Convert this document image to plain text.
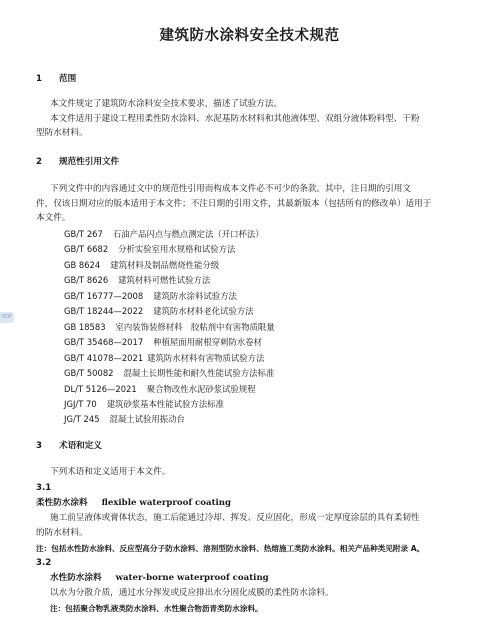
建筑防水涂料安全技术规范
1 范围
本文件规定了建筑防水涂料安全技术要求，描述了试验方法。
本文件适用于建设工程用柔性防水涂料、水泥基防水材料和其他液体型、双组分液体粉料型、干粉
型防水材料。
2 规范性引用文件
下列文件中的内容通过文中的规范性引用而构成本文件必不可少的条款。其中，注日期的引用文
件，仅该日期对应的版本适用于本文件；不注日期的引用文件，其最新版本（包括所有的修改单）适用于
本文件。
GB/T 267 石油产品闪点与燃点测定法（开口杯法）
GB/T 6682 分析实验室用水规格和试验方法
GB 8624 建筑材料及制品燃烧性能分级
GB/T 8626 建筑材料可燃性试验方法
GB/T 16777—2008 建筑防水涂料试验方法
GB/T 18244—2022 建筑防水材料老化试验方法
GB 18583 室内装饰装修材料　胶粘剂中有害物质限量
GB/T 35468—2017 种植屋面用耐根穿刺防水卷材
GB/T 41078—2021 建筑防水材料有害物质试验方法
GB/T 50082 混凝土长期性能和耐久性能试验方法标准
DL/T 5126—2021 聚合物改性水泥砂浆试验规程
JGJ/T 70 建筑砂浆基本性能试验方法标准
JG/T 245 混凝土试验用振动台
PDF
3 术语和定义
下列术语和定义适用于本文件。
3.1
柔性防水涂料 flexible waterproof coating
施工前呈液体或膏体状态，施工后能通过冷却、挥发、反应固化，形成一定厚度涂层的具有柔韧性
的防水材料。
注：包括水性防水涂料、反应型高分子防水涂料、溶剂型防水涂料、热熔施工类防水涂料。相关产品种类见附录 A。
3.2
水性防水涂料 water-borne waterproof coating
以水为分散介质，通过水分挥发或反应排出水分固化成膜的柔性防水涂料。
注：包括聚合物乳液类防水涂料、水性聚合物沥青类防水涂料。
